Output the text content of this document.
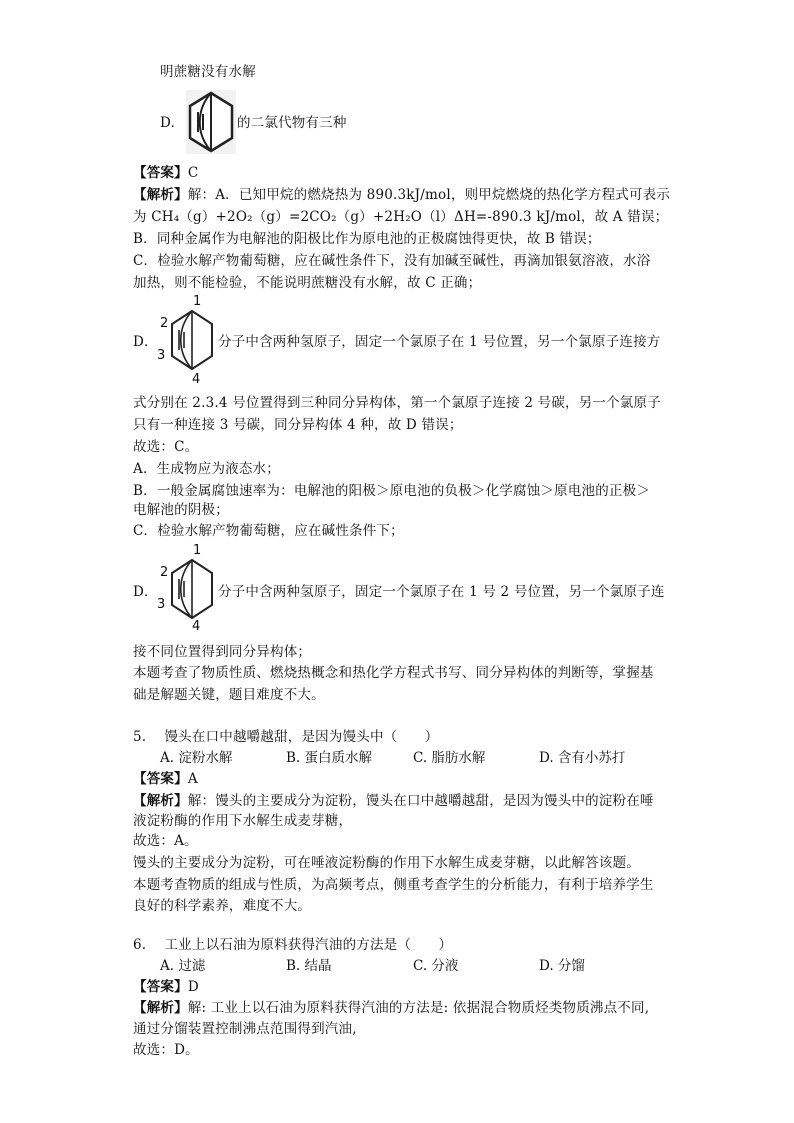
明蔗糖没有水解
D.	的二氯代物有三种
【答案】C
【解析】解：A．已知甲烷的燃烧热为 890.3kJ/mol，则甲烷燃烧的热化学方程式可表示
为 CH₄（g）+2O₂（g）=2CO₂（g）+2H₂O（l）ΔH=-890.3 kJ/mol，故 A 错误；
B．同种金属作为电解池的阳极比作为原电池的正极腐蚀得更快，故 B 错误；
C．检验水解产物葡萄糖，应在碱性条件下，没有加碱至碱性，再滴加银氨溶液，水浴
加热，则不能检验，不能说明蔗糖没有水解，故 C 正确；
1
2
3
4
D．	分子中含两种氢原子，固定一个氯原子在 1 号位置，另一个氯原子连接方
式分别在 2.3.4 号位置得到三种同分异构体，第一个氯原子连接 2 号碳，另一个氯原子
只有一种连接 3 号碳，同分异构体 4 种，故 D 错误；
故选：C。
A．生成物应为液态水；
B．一般金属腐蚀速率为：电解池的阳极＞原电池的负极＞化学腐蚀＞原电池的正极＞
电解池的阴极；
C．检验水解产物葡萄糖，应在碱性条件下；
1
2
3
4
D．	分子中含两种氢原子，固定一个氯原子在 1 号 2 号位置，另一个氯原子连
接不同位置得到同分异构体；
本题考查了物质性质、燃烧热概念和热化学方程式书写、同分异构体的判断等，掌握基
础是解题关键，题目难度不大。
5.　 馒头在口中越嚼越甜，是因为馒头中（　　）
A. 淀粉水解	B. 蛋白质水解	C. 脂肪水解	D. 含有小苏打
【答案】A
【解析】解：馒头的主要成分为淀粉，馒头在口中越嚼越甜，是因为馒头中的淀粉在唾
液淀粉酶的作用下水解生成麦芽糖，
故选：A。
馒头的主要成分为淀粉，可在唾液淀粉酶的作用下水解生成麦芽糖，以此解答该题。
本题考查物质的组成与性质，为高频考点，侧重考查学生的分析能力，有利于培养学生
良好的科学素养，难度不大。
6.　 工业上以石油为原料获得汽油的方法是（　　）
A. 过滤	B. 结晶	C. 分液	D. 分馏
【答案】D
【解析】解: 工业上以石油为原料获得汽油的方法是: 依据混合物质烃类物质沸点不同,
通过分馏装置控制沸点范围得到汽油,
故选：D。
